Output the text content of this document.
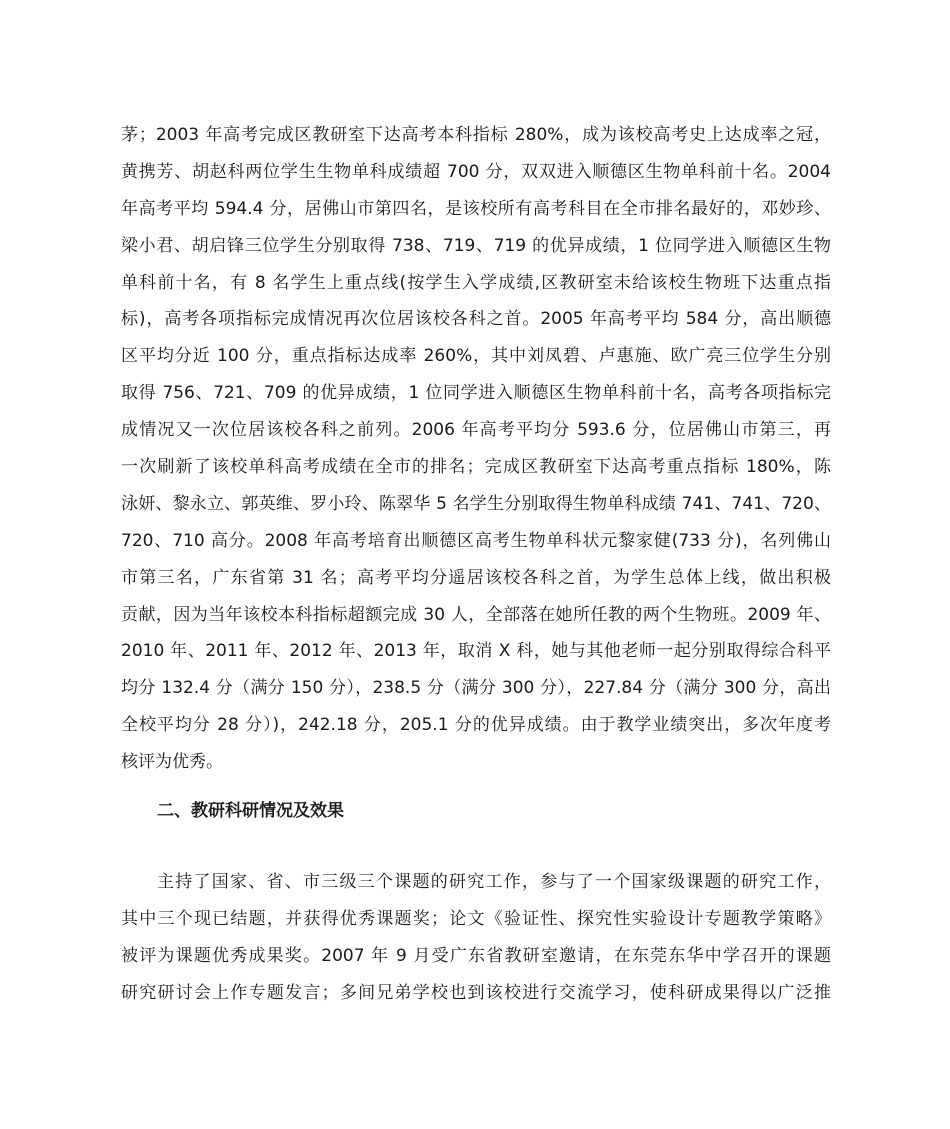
茅；2003 年高考完成区教研室下达高考本科指标 280%，成为该校高考史上达成率之冠，
黄携芳、胡赵科两位学生生物单科成绩超 700 分，双双进入顺德区生物单科前十名。2004
年高考平均 594.4 分，居佛山市第四名，是该校所有高考科目在全市排名最好的，邓妙珍、
梁小君、胡启锋三位学生分别取得 738、719、719 的优异成绩，1 位同学进入顺德区生物
单科前十名，有 8 名学生上重点线(按学生入学成绩,区教研室未给该校生物班下达重点指
标)，高考各项指标完成情况再次位居该校各科之首。2005 年高考平均 584 分，高出顺德
区平均分近 100 分，重点指标达成率 260%，其中刘凤碧、卢惠施、欧广亮三位学生分别
取得 756、721、709 的优异成绩，1 位同学进入顺德区生物单科前十名，高考各项指标完
成情况又一次位居该校各科之前列。2006 年高考平均分 593.6 分，位居佛山市第三，再
一次刷新了该校单科高考成绩在全市的排名；完成区教研室下达高考重点指标 180%，陈
泳妍、黎永立、郭英维、罗小玲、陈翠华 5 名学生分别取得生物单科成绩 741、741、720、
720、710 高分。2008 年高考培育出顺德区高考生物单科状元黎家健(733 分)，名列佛山
市第三名，广东省第 31 名；高考平均分遥居该校各科之首，为学生总体上线，做出积极
贡献，因为当年该校本科指标超额完成 30 人，全部落在她所任教的两个生物班。2009 年、
2010 年、2011 年、2012 年、2013 年，取消 X 科，她与其他老师一起分别取得综合科平
均分 132.4 分（满分 150 分），238.5 分（满分 300 分），227.84 分（满分 300 分，高出
全校平均分 28 分）)，242.18 分，205.1 分的优异成绩。由于教学业绩突出，多次年度考
核评为优秀。
二、教研科研情况及效果
主持了国家、省、市三级三个课题的研究工作，参与了一个国家级课题的研究工作，
其中三个现已结题，并获得优秀课题奖；论文《验证性、探究性实验设计专题教学策略》
被评为课题优秀成果奖。2007 年 9 月受广东省教研室邀请，在东莞东华中学召开的课题
研究研讨会上作专题发言；多间兄弟学校也到该校进行交流学习，使科研成果得以广泛推
